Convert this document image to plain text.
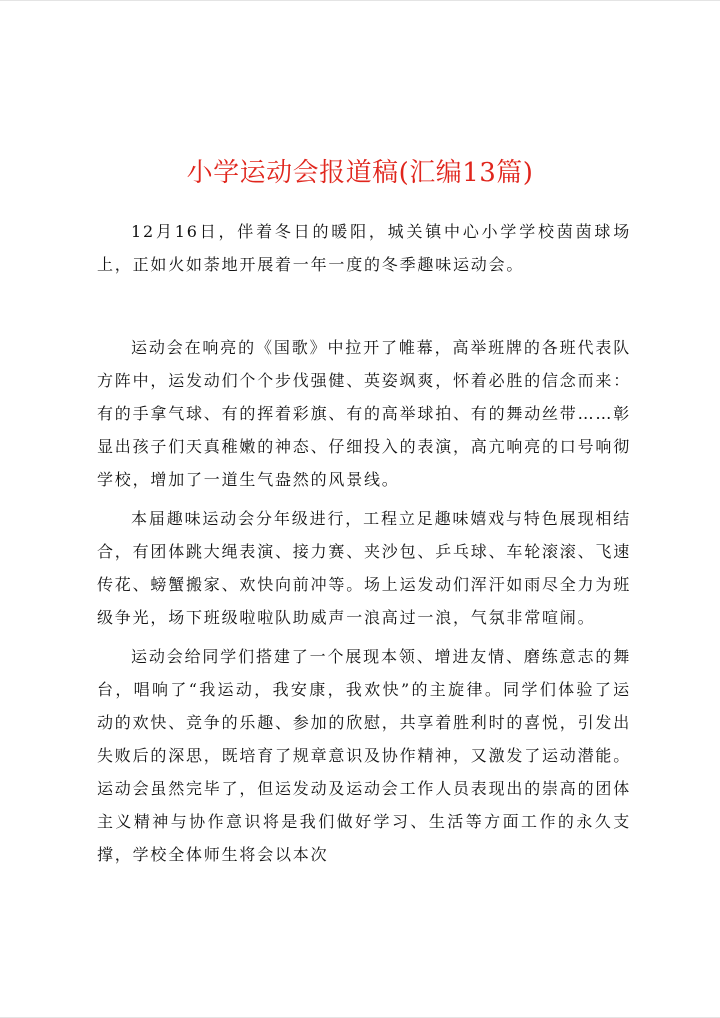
小学运动会报道稿(汇编13篇)

12月16日，伴着冬日的暖阳，城关镇中心小学学校茵茵球场上，正如火如荼地开展着一年一度的冬季趣味运动会。

运动会在响亮的《国歌》中拉开了帷幕，高举班牌的各班代表队方阵中，运发动们个个步伐强健、英姿飒爽，怀着必胜的信念而来：有的手拿气球、有的挥着彩旗、有的高举球拍、有的舞动丝带……彰显出孩子们天真稚嫩的神态、仔细投入的表演，高亢响亮的口号响彻学校，增加了一道生气盎然的风景线。

本届趣味运动会分年级进行，工程立足趣味嬉戏与特色展现相结合，有团体跳大绳表演、接力赛、夹沙包、乒乓球、车轮滚滚、飞速传花、螃蟹搬家、欢快向前冲等。场上运发动们浑汗如雨尽全力为班级争光，场下班级啦啦队助威声一浪高过一浪，气氛非常喧闹。

运动会给同学们搭建了一个展现本领、增进友情、磨练意志的舞台，唱响了“我运动，我安康，我欢快”的主旋律。同学们体验了运动的欢快、竞争的乐趣、参加的欣慰，共享着胜利时的喜悦，引发出失败后的深思，既培育了规章意识及协作精神，又激发了运动潜能。运动会虽然完毕了，但运发动及运动会工作人员表现出的崇高的团体主义精神与协作意识将是我们做好学习、生活等方面工作的永久支撑，学校全体师生将会以本次
